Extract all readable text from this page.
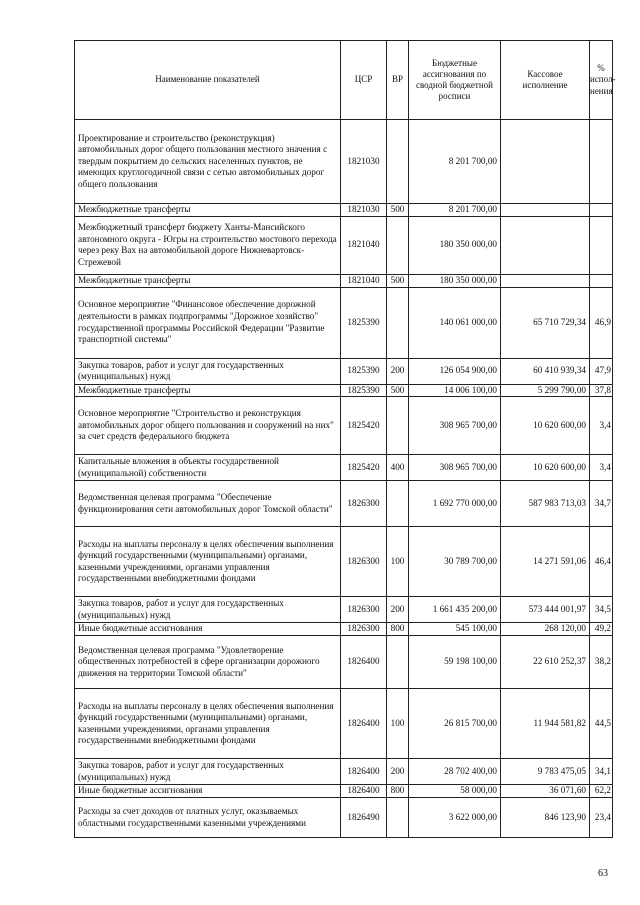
Наименование показателей	ЦСР	ВР	Бюджетные ассигнования по сводной бюджетной росписи	Кассовое исполнение	% испол-нения
Проектирование и строительство (реконструкция) автомобильных дорог общего пользования местного значения с твердым покрытием до сельских населенных пунктов, не имеющих круглогодичной связи с сетью автомобильных дорог общего пользования	1821030		8 201 700,00		
Межбюджетные трансферты	1821030	500	8 201 700,00		
Межбюджетный трансферт бюджету Ханты-Мансийского автономного округа - Югры на строительство мостового перехода через реку Вах на автомобильной дороге Нижневартовск-Стрежевой	1821040		180 350 000,00		
Межбюджетные трансферты	1821040	500	180 350 000,00		
Основное мероприятие "Финансовое обеспечение дорожной деятельности в рамках подпрограммы "Дорожное хозяйство" государственной программы Российской Федерации "Развитие транспортной системы"	1825390		140 061 000,00	65 710 729,34	46,9
Закупка товаров, работ и услуг для государственных (муниципальных) нужд	1825390	200	126 054 900,00	60 410 939,34	47,9
Межбюджетные трансферты	1825390	500	14 006 100,00	5 299 790,00	37,8
Основное мероприятие "Строительство и реконструкция автомобильных дорог общего пользования и сооружений на них" за счет средств федерального бюджета	1825420		308 965 700,00	10 620 600,00	3,4
Капитальные вложения в объекты государственной (муниципальной) собственности	1825420	400	308 965 700,00	10 620 600,00	3,4
Ведомственная целевая программа "Обеспечение функционирования сети автомобильных дорог Томской области"	1826300		1 692 770 000,00	587 983 713,03	34,7
Расходы на выплаты персоналу в целях обеспечения выполнения функций государственными (муниципальными) органами, казенными учреждениями, органами управления государственными внебюджетными фондами	1826300	100	30 789 700,00	14 271 591,06	46,4
Закупка товаров, работ и услуг для государственных (муниципальных) нужд	1826300	200	1 661 435 200,00	573 444 001,97	34,5
Иные бюджетные ассигнования	1826300	800	545 100,00	268 120,00	49,2
Ведомственная целевая программа "Удовлетворение общественных потребностей в сфере организации дорожного движения на территории Томской области"	1826400		59 198 100,00	22 610 252,37	38,2
Расходы на выплаты персоналу в целях обеспечения выполнения функций государственными (муниципальными) органами, казенными учреждениями, органами управления государственными внебюджетными фондами	1826400	100	26 815 700,00	11 944 581,82	44,5
Закупка товаров, работ и услуг для государственных (муниципальных) нужд	1826400	200	28 702 400,00	9 783 475,05	34,1
Иные бюджетные ассигнования	1826400	800	58 000,00	36 071,60	62,2
Расходы за счет доходов от платных услуг, оказываемых областными государственными казенными учреждениями	1826490		3 622 000,00	846 123,90	23,4
63
